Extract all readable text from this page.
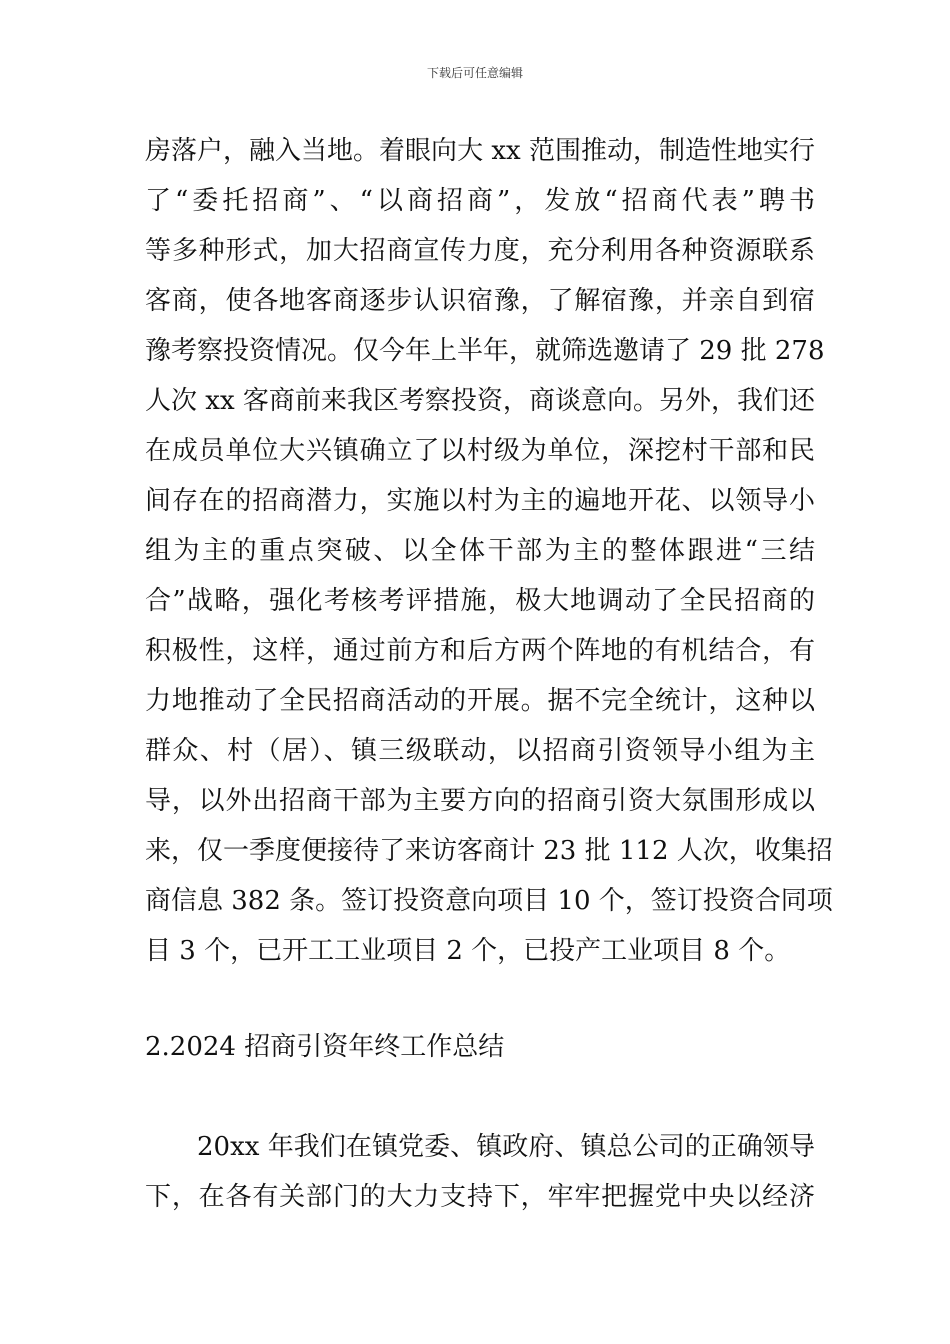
下载后可任意编辑
房落户，融入当地。着眼向大 xx 范围推动，制造性地实行
了“委托招商”、“以商招商”，发放“招商代表”聘书
等多种形式，加大招商宣传力度，充分利用各种资源联系
客商，使各地客商逐步认识宿豫，了解宿豫，并亲自到宿
豫考察投资情况。仅今年上半年，就筛选邀请了 29 批 278
人次 xx 客商前来我区考察投资，商谈意向。另外，我们还
在成员单位大兴镇确立了以村级为单位，深挖村干部和民
间存在的招商潜力，实施以村为主的遍地开花、以领导小
组为主的重点突破、以全体干部为主的整体跟进“三结
合”战略，强化考核考评措施，极大地调动了全民招商的
积极性，这样，通过前方和后方两个阵地的有机结合，有
力地推动了全民招商活动的开展。据不完全统计，这种以
群众、村（居）、镇三级联动，以招商引资领导小组为主
导，以外出招商干部为主要方向的招商引资大氛围形成以
来，仅一季度便接待了来访客商计 23 批 112 人次，收集招
商信息 382 条。签订投资意向项目 10 个，签订投资合同项
目 3 个，已开工工业项目 2 个，已投产工业项目 8 个。
2.2024 招商引资年终工作总结
20xx 年我们在镇党委、镇政府、镇总公司的正确领导
下，在各有关部门的大力支持下，牢牢把握党中央以经济
